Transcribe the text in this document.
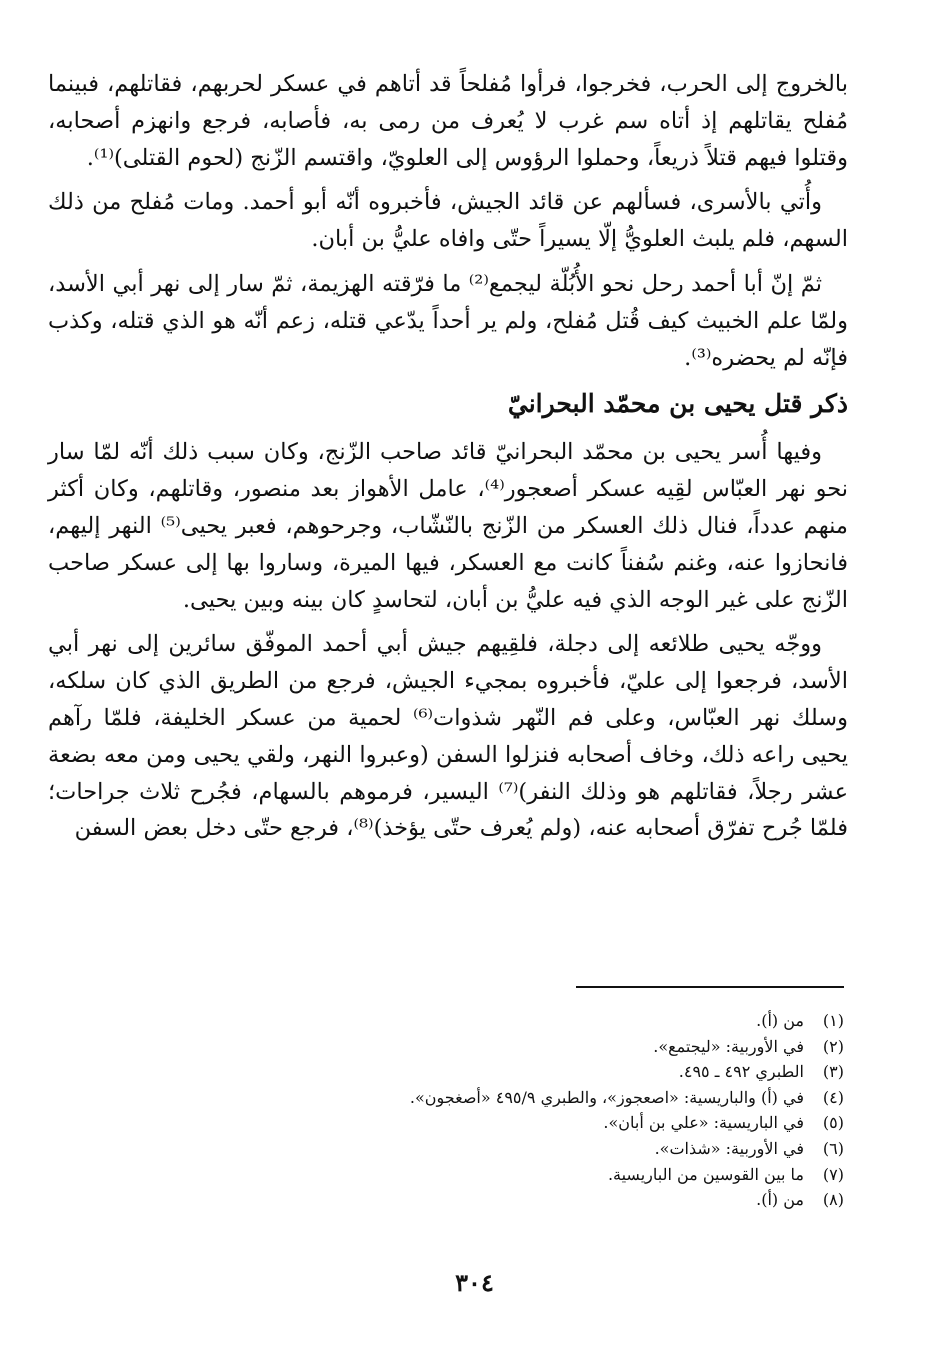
بالخروج إلى الحرب، فخرجوا، فرأوا مُفلحاً قد أتاهم في عسكر لحربهم، فقاتلهم، فبينما مُفلح يقاتلهم إذ أتاه سم غرب لا يُعرف من رمى به، فأصابه، فرجع وانهزم أصحابه، وقتلوا فيهم قتلاً ذريعاً، وحملوا الرؤوس إلى العلويّ، واقتسم الزّنج (لحوم القتلى)⁽¹⁾.

وأُتي بالأسرى، فسألهم عن قائد الجيش، فأخبروه أنّه أبو أحمد. ومات مُفلح من ذلك السهم، فلم يلبث العلويُّ إلّا يسيراً حتّى وافاه عليُّ بن أبان.

ثمّ إنّ أبا أحمد رحل نحو الأُبُلّة ليجمع⁽²⁾ ما فرّقته الهزيمة، ثمّ سار إلى نهر أبي الأسد، ولمّا علم الخبيث كيف قُتل مُفلح، ولم ير أحداً يدّعي قتله، زعم أنّه هو الذي قتله، وكذب فإنّه لم يحضره⁽³⁾.

ذكر قتل يحيى بن محمّد البحرانيّ

وفيها أُسر يحيى بن محمّد البحرانيّ قائد صاحب الزّنج، وكان سبب ذلك أنّه لمّا سار نحو نهر العبّاس لقِيه عسكر أصعجور⁽⁴⁾، عامل الأهواز بعد منصور، وقاتلهم، وكان أكثر منهم عدداً، فنال ذلك العسكر من الزّنج بالنّشّاب، وجرحوهم، فعبر يحيى⁽⁵⁾ النهر إليهم، فانحازوا عنه، وغنم سُفناً كانت مع العسكر، فيها الميرة، وساروا بها إلى عسكر صاحب الزّنج على غير الوجه الذي فيه عليُّ بن أبان، لتحاسدٍ كان بينه وبين يحيى.

ووجّه يحيى طلائعه إلى دجلة، فلقِيهم جيش أبي أحمد الموفّق سائرين إلى نهر أبي الأسد، فرجعوا إلى عليّ، فأخبروه بمجيء الجيش، فرجع من الطريق الذي كان سلكه، وسلك نهر العبّاس، وعلى فم النّهر شذوات⁽⁶⁾ لحمية من عسكر الخليفة، فلمّا رآهم يحيى راعه ذلك، وخاف أصحابه فنزلوا السفن (وعبروا النهر، ولقي يحيى ومن معه بضعة عشر رجلاً، فقاتلهم هو وذلك النفر)⁽⁷⁾ اليسير، فرموهم بالسهام، فجُرح ثلاث جراحات؛ فلمّا جُرح تفرّق أصحابه عنه، (ولم يُعرف حتّى يؤخذ)⁽⁸⁾، فرجع حتّى دخل بعض السفن

(١)
من (أ).
(٢)
في الأوربية: «ليجتمع».
(٣)
الطبري ٤٩٢ ـ ٤٩٥.
(٤)
في (أ) والباريسية: «اصعجوز»، والطبري ٤٩٥/٩ «أصغجون».
(٥)
في الباريسية: «علي بن أبان».
(٦)
في الأوربية: «شذات».
(٧)
ما بين القوسين من الباريسية.
(٨)
من (أ).
٣٠٤
